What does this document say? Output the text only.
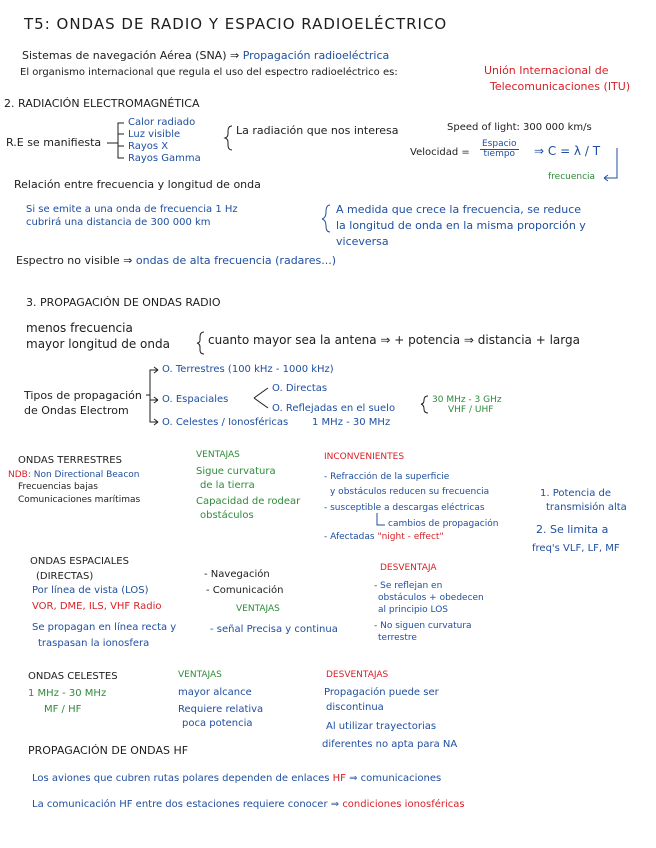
T5: ONDAS DE RADIO Y ESPACIO RADIOELÉCTRICO
Sistemas de navegación Aérea (SNA) ⇒ Propagación radioeléctrica
El organismo internacional que regula el uso del espectro radioeléctrico es:	Unión Internacional de
Telecomunicaciones (ITU)
2. RADIACIÓN ELECTROMAGNÉTICA
R.E se manifiesta
Calor radiado
Luz visible
Rayos X
Rayos Gamma
La radiación que nos interesa	Speed of light: 300 000 km/s
Velocidad =
Espacio
tiempo ⇒ C = λ / T
frecuencia
Relación entre frecuencia y longitud de onda
Si se emite a una onda de frecuencia 1 Hz
cubrirá una distancia de 300 000 km
A medida que crece la frecuencia, se reduce
la longitud de onda en la misma proporción y
viceversa
Espectro no visible ⇒ ondas de alta frecuencia (radares...)
3. PROPAGACIÓN DE ONDAS RADIO
menos frecuencia
mayor longitud de onda	cuanto mayor sea la antena ⇒ + potencia ⇒ distancia + larga
Tipos de propagación
de Ondas Electrom
O. Terrestres (100 kHz - 1000 kHz)
O. Espaciales
O. Directas
O. Reflejadas en el suelo
30 MHz - 3 GHz
VHF / UHF
O. Celestes / Ionosféricas 1 MHz - 30 MHz
ONDAS TERRESTRES
NDB: Non Directional Beacon
Frecuencias bajas
Comunicaciones marítimas
VENTAJAS
Sigue curvatura
de la tierra
Capacidad de rodear
obstáculos
INCONVENIENTES
- Refracción de la superficie
y obstáculos reducen su frecuencia
- susceptible a descargas eléctricas
cambios de propagación
- Afectadas "night - effect"
1. Potencia de
transmisión alta
2. Se limita a
freq's VLF, LF, MF
ONDAS ESPACIALES
(DIRECTAS)
Por línea de vista (LOS)
VOR, DME, ILS, VHF Radio
Se propagan en línea recta y
traspasan la ionosfera
- Navegación
- Comunicación
VENTAJAS
- señal Precisa y continua
DESVENTAJA
- Se reflejan en
obstáculos + obedecen
al principio LOS
- No siguen curvatura
terrestre
ONDAS CELESTES
1 MHz - 30 MHz
MF / HF
VENTAJAS
mayor alcance
Requiere relativa
poca potencia
DESVENTAJAS
Propagación puede ser
discontinua
Al utilizar trayectorias
diferentes no apta para NA
PROPAGACIÓN DE ONDAS HF
Los aviones que cubren rutas polares dependen de enlaces HF ⇒ comunicaciones
La comunicación HF entre dos estaciones requiere conocer ⇒ condiciones ionosféricas
